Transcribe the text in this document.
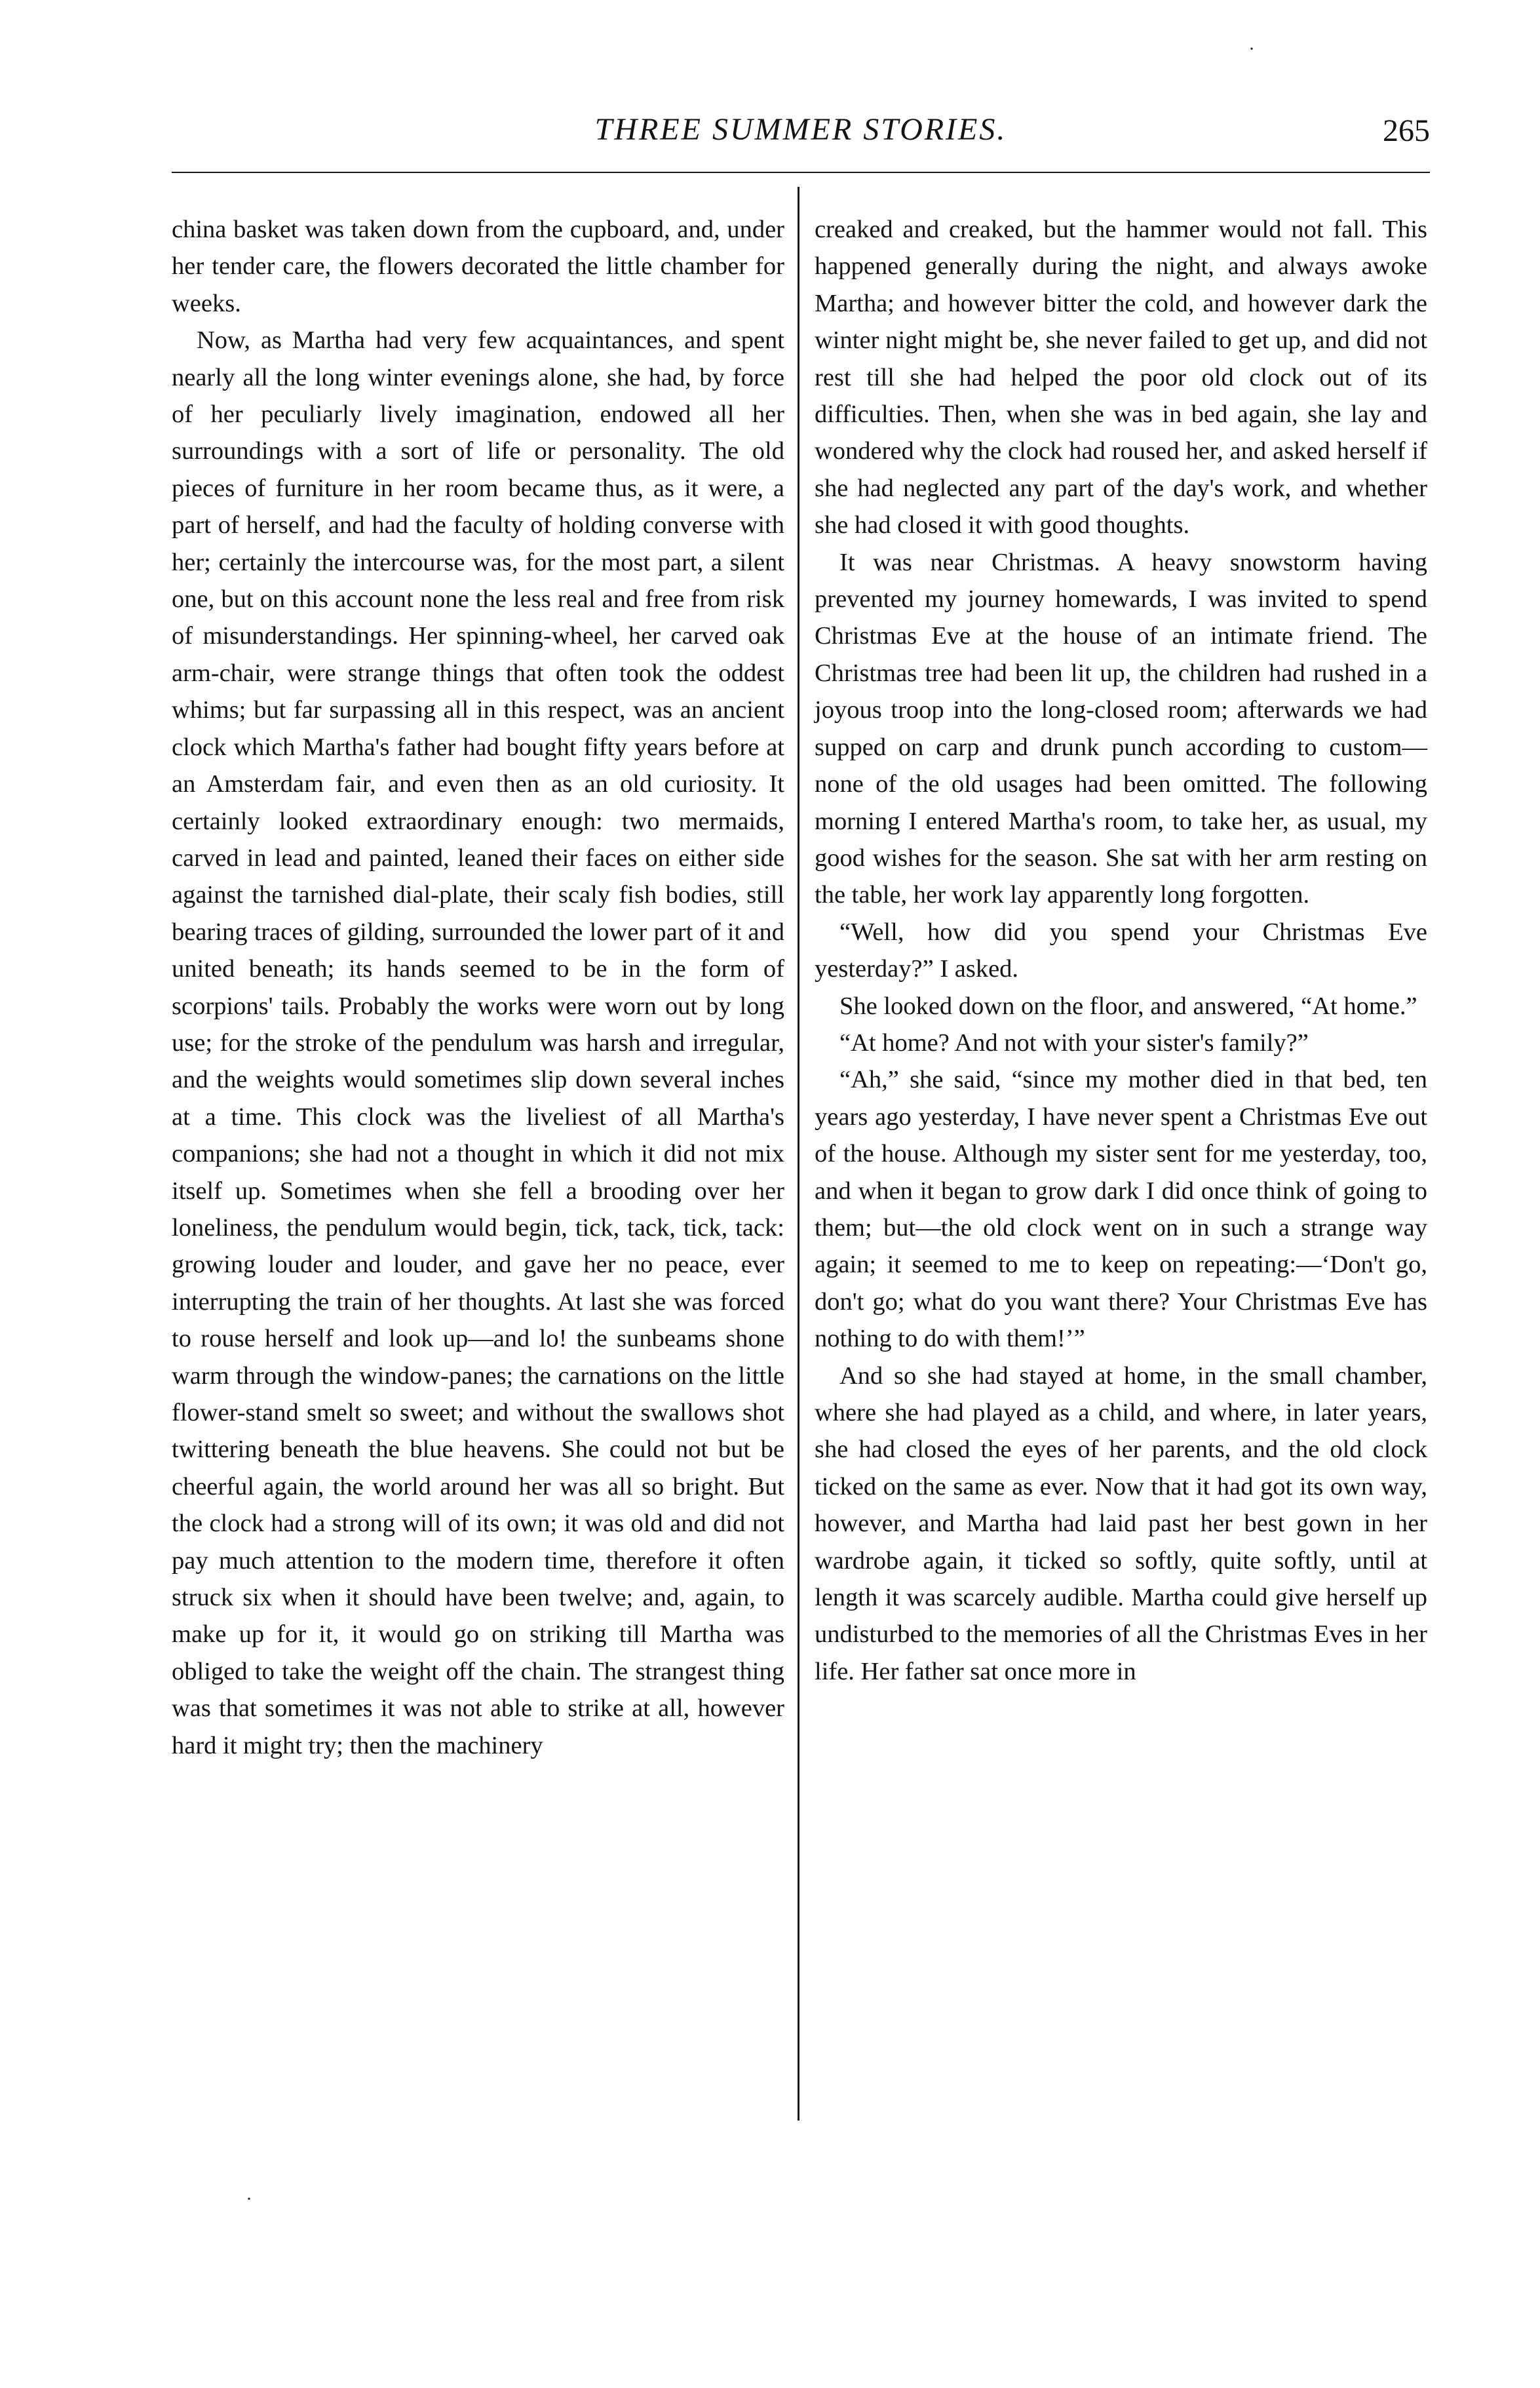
THREE SUMMER STORIES.	265

china basket was taken down from the cupboard, and, under her tender care, the flowers decorated the little chamber for weeks.

Now, as Martha had very few acquaintances, and spent nearly all the long winter evenings alone, she had, by force of her peculiarly lively imagination, endowed all her surroundings with a sort of life or personality. The old pieces of furniture in her room became thus, as it were, a part of herself, and had the faculty of holding converse with her; certainly the intercourse was, for the most part, a silent one, but on this account none the less real and free from risk of misunderstandings. Her spinning-wheel, her carved oak arm-chair, were strange things that often took the oddest whims; but far surpassing all in this respect, was an ancient clock which Martha's father had bought fifty years before at an Amsterdam fair, and even then as an old curiosity. It certainly looked extraordinary enough: two mermaids, carved in lead and painted, leaned their faces on either side against the tarnished dial-plate, their scaly fish bodies, still bearing traces of gilding, surrounded the lower part of it and united beneath; its hands seemed to be in the form of scorpions' tails. Probably the works were worn out by long use; for the stroke of the pendulum was harsh and irregular, and the weights would sometimes slip down several inches at a time. This clock was the liveliest of all Martha's companions; she had not a thought in which it did not mix itself up. Sometimes when she fell a brooding over her loneliness, the pendulum would begin, tick, tack, tick, tack: growing louder and louder, and gave her no peace, ever interrupting the train of her thoughts. At last she was forced to rouse herself and look up—and lo! the sunbeams shone warm through the window-panes; the carnations on the little flower-stand smelt so sweet; and without the swallows shot twittering beneath the blue heavens. She could not but be cheerful again, the world around her was all so bright. But the clock had a strong will of its own; it was old and did not pay much attention to the modern time, therefore it often struck six when it should have been twelve; and, again, to make up for it, it would go on striking till Martha was obliged to take the weight off the chain. The strangest thing was that sometimes it was not able to strike at all, however hard it might try; then the machinery

creaked and creaked, but the hammer would not fall. This happened generally during the night, and always awoke Martha; and however bitter the cold, and however dark the winter night might be, she never failed to get up, and did not rest till she had helped the poor old clock out of its difficulties. Then, when she was in bed again, she lay and wondered why the clock had roused her, and asked herself if she had neglected any part of the day's work, and whether she had closed it with good thoughts.

It was near Christmas. A heavy snowstorm having prevented my journey homewards, I was invited to spend Christmas Eve at the house of an intimate friend. The Christmas tree had been lit up, the children had rushed in a joyous troop into the long-closed room; afterwards we had supped on carp and drunk punch according to custom—none of the old usages had been omitted. The following morning I entered Martha's room, to take her, as usual, my good wishes for the season. She sat with her arm resting on the table, her work lay apparently long forgotten.

“Well, how did you spend your Christmas Eve yesterday?” I asked.

She looked down on the floor, and answered, “At home.”

“At home? And not with your sister's family?”

“Ah,” she said, “since my mother died in that bed, ten years ago yesterday, I have never spent a Christmas Eve out of the house. Although my sister sent for me yesterday, too, and when it began to grow dark I did once think of going to them; but—the old clock went on in such a strange way again; it seemed to me to keep on repeating:—‘Don't go, don't go; what do you want there? Your Christmas Eve has nothing to do with them!’”

And so she had stayed at home, in the small chamber, where she had played as a child, and where, in later years, she had closed the eyes of her parents, and the old clock ticked on the same as ever. Now that it had got its own way, however, and Martha had laid past her best gown in her wardrobe again, it ticked so softly, quite softly, until at length it was scarcely audible. Martha could give herself up undisturbed to the memories of all the Christmas Eves in her life. Her father sat once more in

·
·
